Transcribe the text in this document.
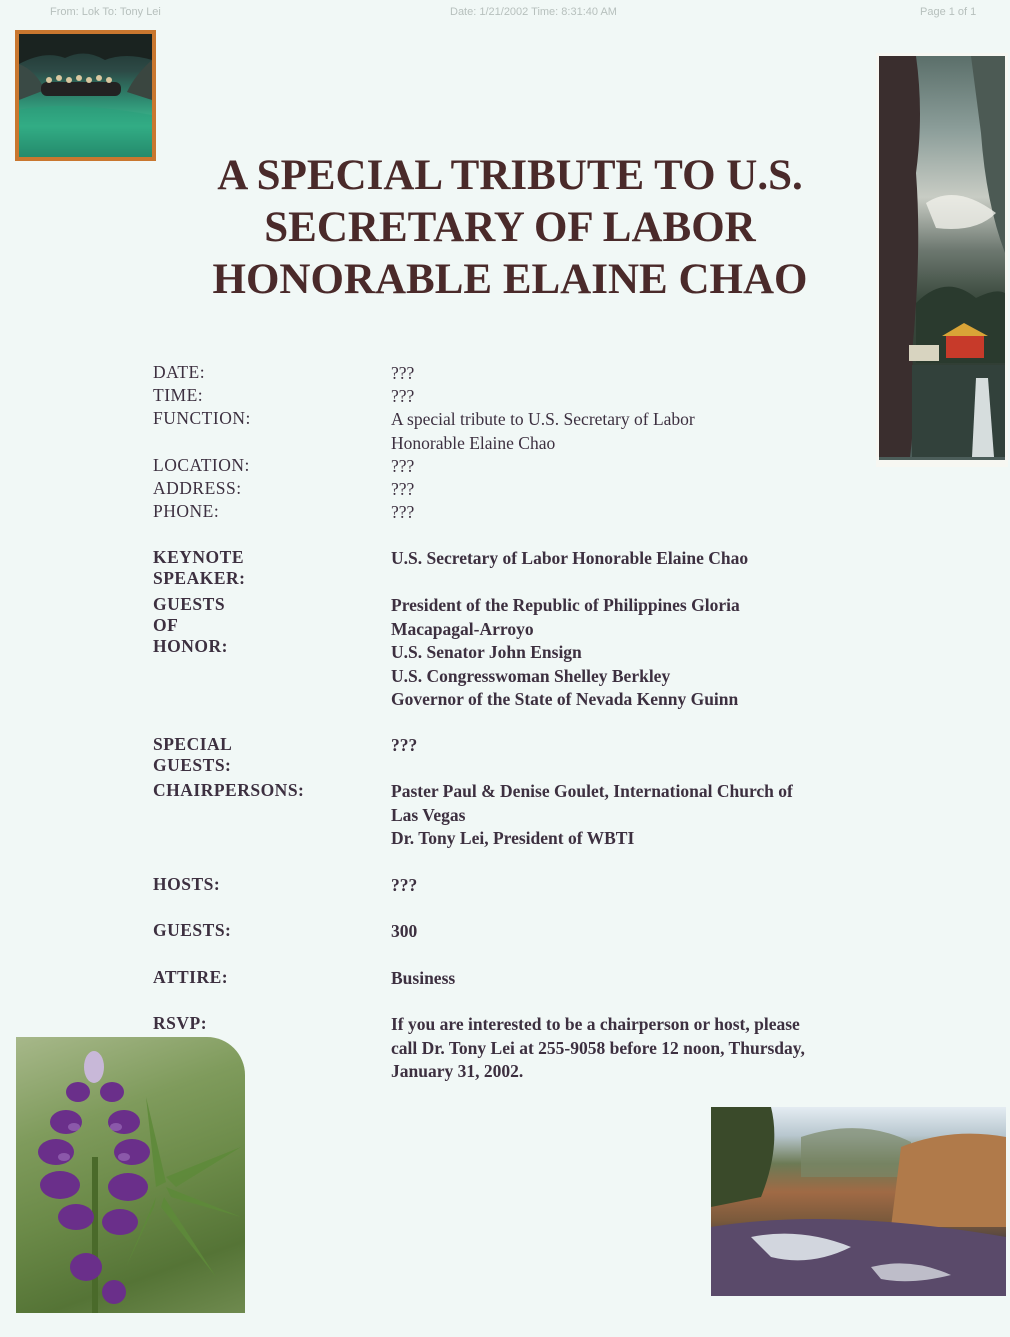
From: Lok To: Tony Lei	Date: 1/21/2002 Time: 8:31:40 AM	Page 1 of 1
A SPECIAL TRIBUTE TO U.S.
SECRETARY OF LABOR
HONORABLE ELAINE CHAO
DATE:	???
TIME:	???
FUNCTION:	A special tribute to U.S. Secretary of Labor
Honorable Elaine Chao
LOCATION:	???
ADDRESS:	???
PHONE:	???
KEYNOTE SPEAKER:
U.S. Secretary of Labor Honorable Elaine Chao
GUESTS OF HONOR:
President of the Republic of Philippines Gloria
Macapagal-Arroyo
U.S. Senator John Ensign
U.S. Congresswoman Shelley Berkley
Governor of the State of Nevada Kenny Guinn
SPECIAL GUESTS:
???
CHAIRPERSONS:	Paster Paul & Denise Goulet, International Church of
Las Vegas
Dr. Tony Lei, President of WBTI
HOSTS:	???
GUESTS:	300
ATTIRE:	Business
RSVP:	If you are interested to be a chairperson or host, please
call Dr. Tony Lei at 255-9058 before 12 noon, Thursday,
January 31, 2002.
